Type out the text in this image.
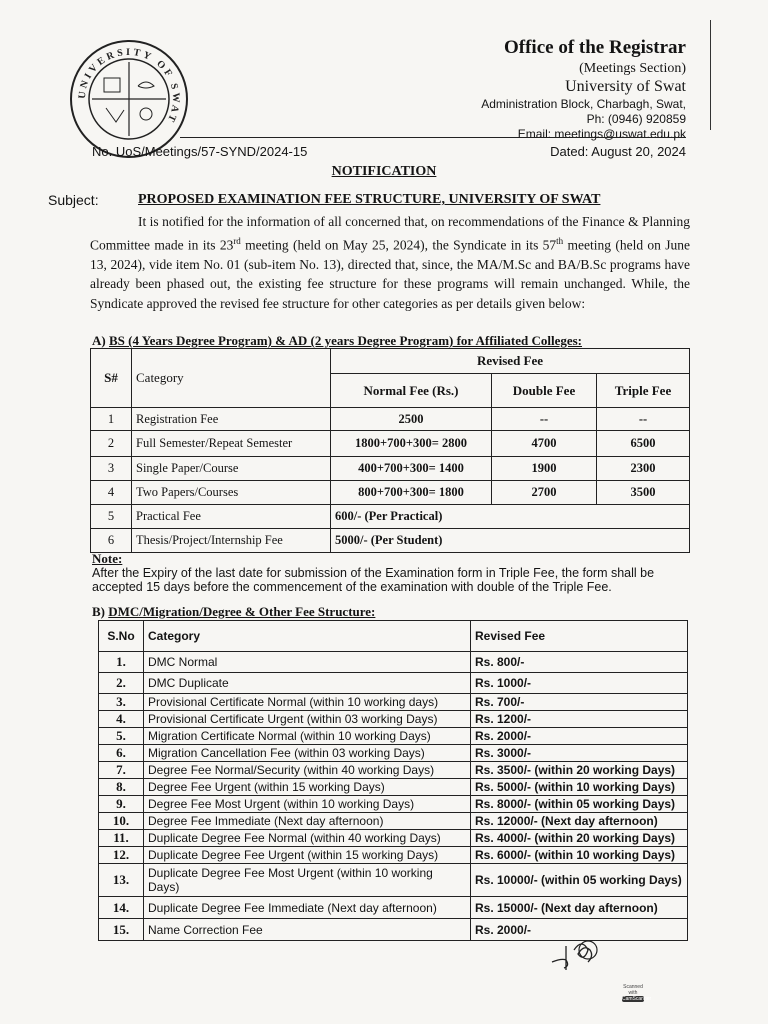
UNIVERSITY OF SWAT
Office of the Registrar
(Meetings Section)
University of Swat
Administration Block, Charbagh, Swat,
Ph: (0946) 920859
Email: meetings@uswat.edu.pk
No. UoS/Meetings/57-SYND/2024-15	Dated: August 20, 2024
NOTIFICATION
Subject:	PROPOSED EXAMINATION FEE STRUCTURE, UNIVERSITY OF SWAT
It is notified for the information of all concerned that, on recommendations of the Finance & Planning Committee made in its 23rd meeting (held on May 25, 2024), the Syndicate in its 57th meeting (held on June 13, 2024), vide item No. 01 (sub-item No. 13), directed that, since, the MA/M.Sc and BA/B.Sc programs have already been phased out, the existing fee structure for these programs will remain unchanged. While, the Syndicate approved the revised fee structure for other categories as per details given below:
A) BS (4 Years Degree Program) & AD (2 years Degree Program) for Affiliated Colleges:
S#	Category	Revised Fee		
		Normal Fee (Rs.)	Double Fee	Triple Fee
1	Registration Fee	2500	--	--
2	Full Semester/Repeat Semester	1800+700+300= 2800	4700	6500
3	Single Paper/Course	400+700+300= 1400	1900	2300
4	Two Papers/Courses	800+700+300= 1800	2700	3500
5	Practical Fee	600/- (Per Practical)		
6	Thesis/Project/Internship Fee	5000/- (Per Student)		
Note:
After the Expiry of the last date for submission of the Examination form in Triple Fee, the form shall be accepted 15 days before the commencement of the examination with double of the Triple Fee.
B) DMC/Migration/Degree & Other Fee Structure:
S.No	Category	Revised Fee
1.	DMC Normal	Rs. 800/-
2.	DMC Duplicate	Rs. 1000/-
3.	Provisional Certificate Normal (within 10 working days)	Rs. 700/-
4.	Provisional Certificate Urgent (within 03 working Days)	Rs. 1200/-
5.	Migration Certificate Normal (within 10 working Days)	Rs. 2000/-
6.	Migration Cancellation Fee (within 03 working Days)	Rs. 3000/-
7.	Degree Fee Normal/Security (within 40 working Days)	Rs. 3500/- (within 20 working Days)
8.	Degree Fee Urgent (within 15 working Days)	Rs. 5000/- (within 10 working Days)
9.	Degree Fee Most Urgent (within 10 working Days)	Rs. 8000/- (within 05 working Days)
10.	Degree Fee Immediate (Next day afternoon)	Rs. 12000/- (Next day afternoon)
11.	Duplicate Degree Fee Normal (within 40 working Days)	Rs. 4000/- (within 20 working Days)
12.	Duplicate Degree Fee Urgent (within 15 working Days)	Rs. 6000/- (within 10 working Days)
13.	Duplicate Degree Fee Most Urgent (within 10 working Days)	Rs. 10000/- (within 05 working Days)
14.	Duplicate Degree Fee Immediate (Next day afternoon)	Rs. 15000/- (Next day afternoon)
15.	Name Correction Fee	Rs. 2000/-
Scanned with
CamScanner
